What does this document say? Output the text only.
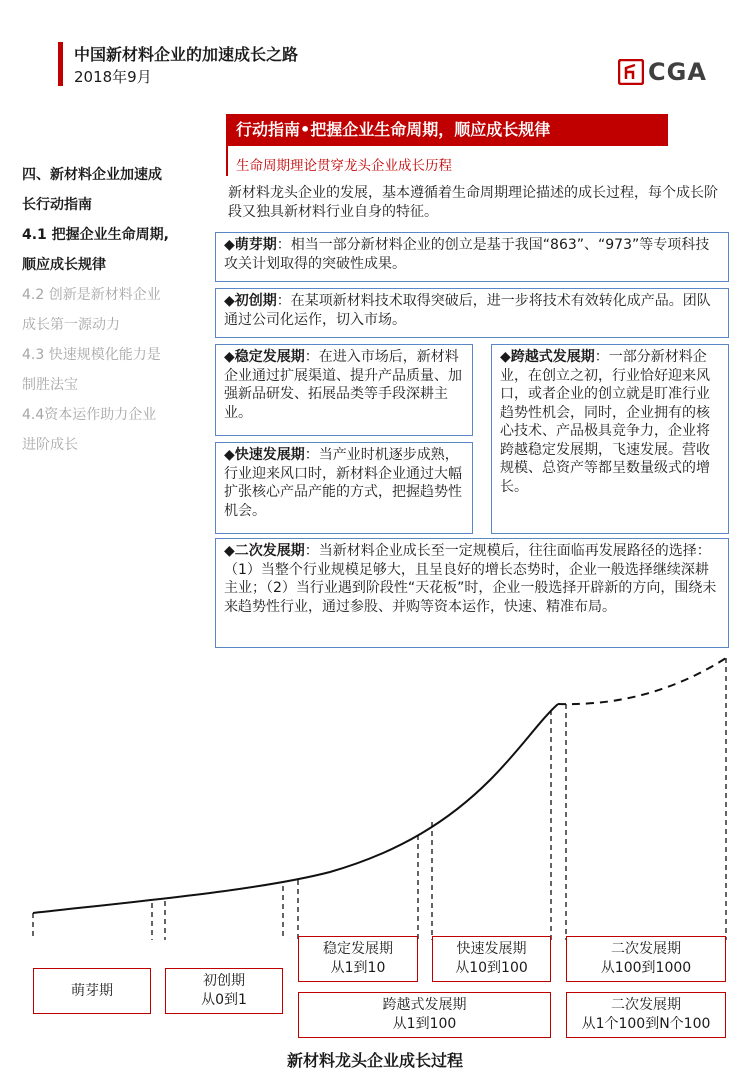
中国新材料企业的加速成长之路
2018年9月	CGA
行动指南•把握企业生命周期，顺应成长规律
生命周期理论贯穿龙头企业成长历程
四、新材料企业加速成
长行动指南
4.1 把握企业生命周期,
顺应成长规律
4.2 创新是新材料企业
成长第一源动力
4.3 快速规模化能力是
制胜法宝
4.4资本运作助力企业
进阶成长
新材料龙头企业的发展，基本遵循着生命周期理论描述的成长过程，每个成长阶段又独具新材料行业自身的特征。
◆萌芽期：相当一部分新材料企业的创立是基于我国“863”、“973”等专项科技攻关计划取得的突破性成果。
◆初创期：在某项新材料技术取得突破后，进一步将技术有效转化成产品。团队通过公司化运作，切入市场。
◆稳定发展期：在进入市场后，新材料企业通过扩展渠道、提升产品质量、加强新品研发、拓展品类等手段深耕主业。
◆跨越式发展期：一部分新材料企业，在创立之初，行业恰好迎来风口，或者企业的创立就是盯准行业趋势性机会，同时，企业拥有的核心技术、产品极具竞争力，企业将跨越稳定发展期，飞速发展。营收规模、总资产等都呈数量级式的增长。
◆快速发展期：当产业时机逐步成熟，行业迎来风口时，新材料企业通过大幅扩张核心产品产能的方式，把握趋势性机会。
◆二次发展期：当新材料企业成长至一定规模后，往往面临再发展路径的选择：（1）当整个行业规模足够大，且呈良好的增长态势时，企业一般选择继续深耕主业；（2）当行业遇到阶段性“天花板”时，企业一般选择开辟新的方向，围绕未来趋势性行业，通过参股、并购等资本运作，快速、精准布局。
萌芽期
初创期
从0到1
稳定发展期
从1到10
快速发展期
从10到100
二次发展期
从100到1000
跨越式发展期
从1到100
二次发展期
从1个100到N个100
新材料龙头企业成长过程
